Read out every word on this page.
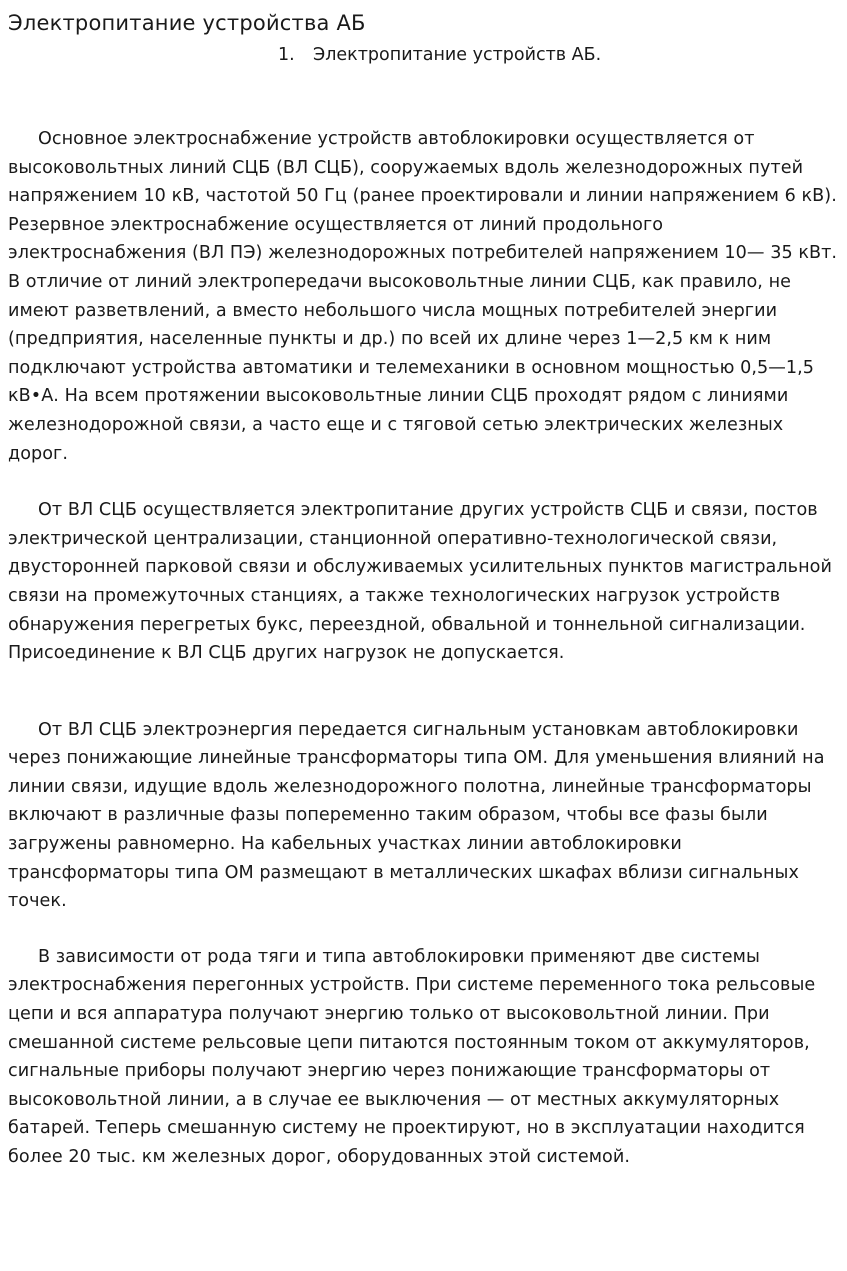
Электропитание устройства АБ
1. Электропитание устройств АБ.

Основное электроснабжение устройств автоблокировки осуществляется от высоковольтных линий СЦБ (ВЛ СЦБ), сооружаемых вдоль железнодорожных путей напряжением 10 кВ, частотой 50 Гц (ранее проектировали и линии напряжением 6 кВ). Резервное электроснабжение осуществляется от линий продольного электроснабжения (ВЛ ПЭ) железнодорожных потребителей напряжением 10— 35 кВт. В отличие от линий электропередачи высоковольтные линии СЦБ, как правило, не имеют разветвлений, а вместо небольшого числа мощных потребителей энергии (предприятия, населенные пункты и др.) по всей их длине через 1—2,5 км к ним подключают устройства автоматики и телемеханики в основном мощностью 0,5—1,5 кВ•А. На всем протяжении высоковольтные линии СЦБ проходят рядом с линиями железнодорожной связи, а часто еще и с тяговой сетью электрических железных дорог.

От ВЛ СЦБ осуществляется электропитание других устройств СЦБ и связи, постов электрической централизации, станционной оперативно-технологической связи, двусторонней парковой связи и обслуживаемых усилительных пунктов магистральной связи на промежуточных станциях, а также технологических нагрузок устройств обнаружения перегретых букс, переездной, обвальной и тоннельной сигнализации. Присоединение к ВЛ СЦБ других нагрузок не допускается.

От ВЛ СЦБ электроэнергия передается сигнальным установкам автоблокировки через понижающие линейные трансформаторы типа ОМ. Для уменьшения влияний на линии связи, идущие вдоль железнодорожного полотна, линейные трансформаторы включают в различные фазы попеременно таким образом, чтобы все фазы были загружены равномерно. На кабельных участках линии автоблокировки трансформаторы типа ОМ размещают в металлических шкафах вблизи сигнальных точек.

В зависимости от рода тяги и типа автоблокировки применяют две системы электроснабжения перегонных устройств. При системе переменного тока рельсовые цепи и вся аппаратура получают энергию только от высоковольтной линии. При смешанной системе рельсовые цепи питаются постоянным током от аккумуляторов, сигнальные приборы получают энергию через понижающие трансформаторы от высоковольтной линии, а в случае ее выключения — от местных аккумуляторных батарей. Теперь смешанную систему не проектируют, но в эксплуатации находится более 20 тыс. км железных дорог, оборудованных этой системой.
